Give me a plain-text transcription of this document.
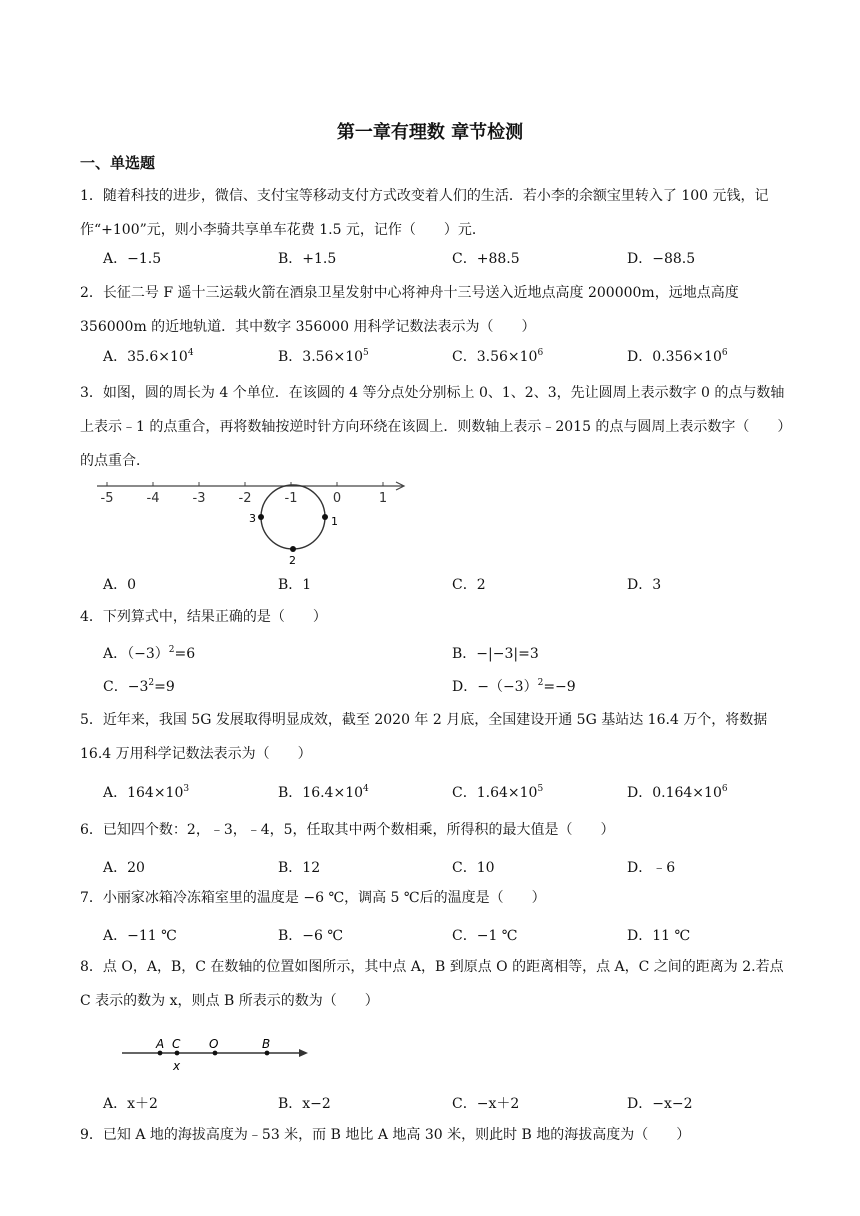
第一章有理数 章节检测
一、单选题
1．随着科技的进步，微信、支付宝等移动支付方式改变着人们的生活．若小李的余额宝里转入了 100 元钱，记作“+100”元，则小李骑共享单车花费 1.5 元，记作（　　）元．
A．−1.5	B．+1.5	C．+88.5	D．−88.5
2．长征二号 F 遥十三运载火箭在酒泉卫星发射中心将神舟十三号送入近地点高度 200000m，远地点高度 356000m 的近地轨道．其中数字 356000 用科学记数法表示为（　　）
A．$35.6\times 10^4$	B．$3.56\times 10^5$	C．$3.56\times 10^6$	D．$0.356\times 10^6$
3．如图，圆的周长为 4 个单位．在该圆的 4 等分点处分别标上 0、1、2、3，先让圆周上表示数字 0 的点与数轴上表示﹣1 的点重合，再将数轴按逆时针方向环绕在该圆上．则数轴上表示﹣2015 的点与圆周上表示数字（　　）的点重合．
-5	-4	-3	-2	-1	0	1
3	1
2
A．0	B．1	C．2	D．3
4．下列算式中，结果正确的是（　　）
A．$(-3)^2=6$	B．−|−3|=3
C．$-3^2=9$	D．$-(-3)^2=-9$
5．近年来，我国 5G 发展取得明显成效，截至 2020 年 2 月底，全国建设开通 5G 基站达 16.4 万个，将数据 16.4 万用科学记数法表示为（　　）
A．$164\times 10^3$	B．$16.4\times 10^4$	C．$1.64\times 10^5$	D．$0.164\times 10^6$
6．已知四个数：2，﹣3，﹣4，5，任取其中两个数相乘，所得积的最大值是（　　）
A．20	B．12	C．10	D．﹣6
7．小丽家冰箱冷冻箱室里的温度是 −6 ℃，调高 5 ℃后的温度是（　　）
A．−11 ℃	B．−6 ℃	C．−1 ℃	D．11 ℃
8．点 O，A，B，C 在数轴的位置如图所示，其中点 A，B 到原点 O 的距离相等，点 A，C 之间的距离为 2.若点 C 表示的数为 x，则点 B 所表示的数为（　　）
A C O	B
x
A．x＋2	B．x−2	C．−x＋2	D．−x−2
9．已知 A 地的海拔高度为﹣53 米，而 B 地比 A 地高 30 米，则此时 B 地的海拔高度为（　　）
